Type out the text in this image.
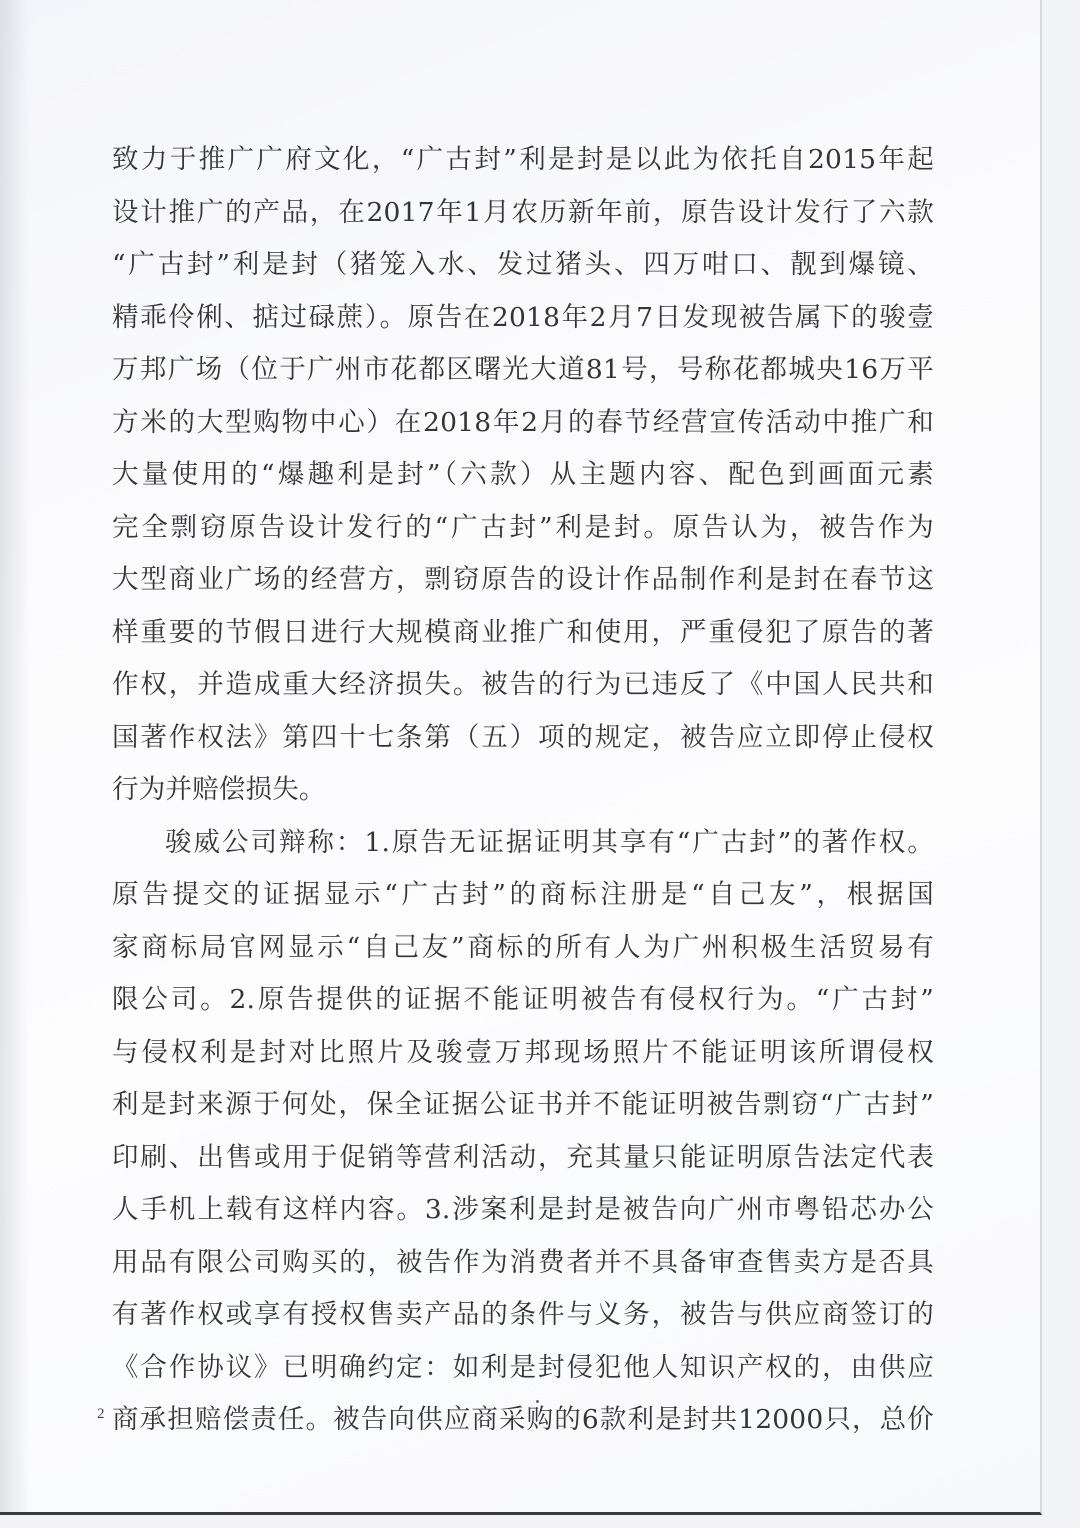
致力于推广广府文化，“广古封”利是封是以此为依托自2015年起
设计推广的产品，在2017年1月农历新年前，原告设计发行了六款
“广古封”利是封（猪笼入水、发过猪头、四万咁口、靓到爆镜、
精乖伶俐、掂过碌蔗）。原告在2018年2月7日发现被告属下的骏壹
万邦广场（位于广州市花都区曙光大道81号，号称花都城央16万平
方米的大型购物中心）在2018年2月的春节经营宣传活动中推广和
大量使用的“爆趣利是封”（六款）从主题内容、配色到画面元素
完全剽窃原告设计发行的“广古封”利是封。原告认为，被告作为
大型商业广场的经营方，剽窃原告的设计作品制作利是封在春节这
样重要的节假日进行大规模商业推广和使用，严重侵犯了原告的著
作权，并造成重大经济损失。被告的行为已违反了《中国人民共和
国著作权法》第四十七条第（五）项的规定，被告应立即停止侵权
行为并赔偿损失。
骏威公司辩称：1.原告无证据证明其享有“广古封”的著作权。
原告提交的证据显示“广古封”的商标注册是“自己友”，根据国
家商标局官网显示“自己友”商标的所有人为广州积极生活贸易有
限公司。2.原告提供的证据不能证明被告有侵权行为。“广古封”
与侵权利是封对比照片及骏壹万邦现场照片不能证明该所谓侵权
利是封来源于何处，保全证据公证书并不能证明被告剽窃“广古封”
印刷、出售或用于促销等营利活动，充其量只能证明原告法定代表
人手机上载有这样内容。3.涉案利是封是被告向广州市粤铅芯办公
用品有限公司购买的，被告作为消费者并不具备审查售卖方是否具
有著作权或享有授权售卖产品的条件与义务，被告与供应商签订的
《合作协议》已明确约定：如利是封侵犯他人知识产权的，由供应
商承担赔偿责任。被告向供应商采购的6款利是封共12000只，总价
2
